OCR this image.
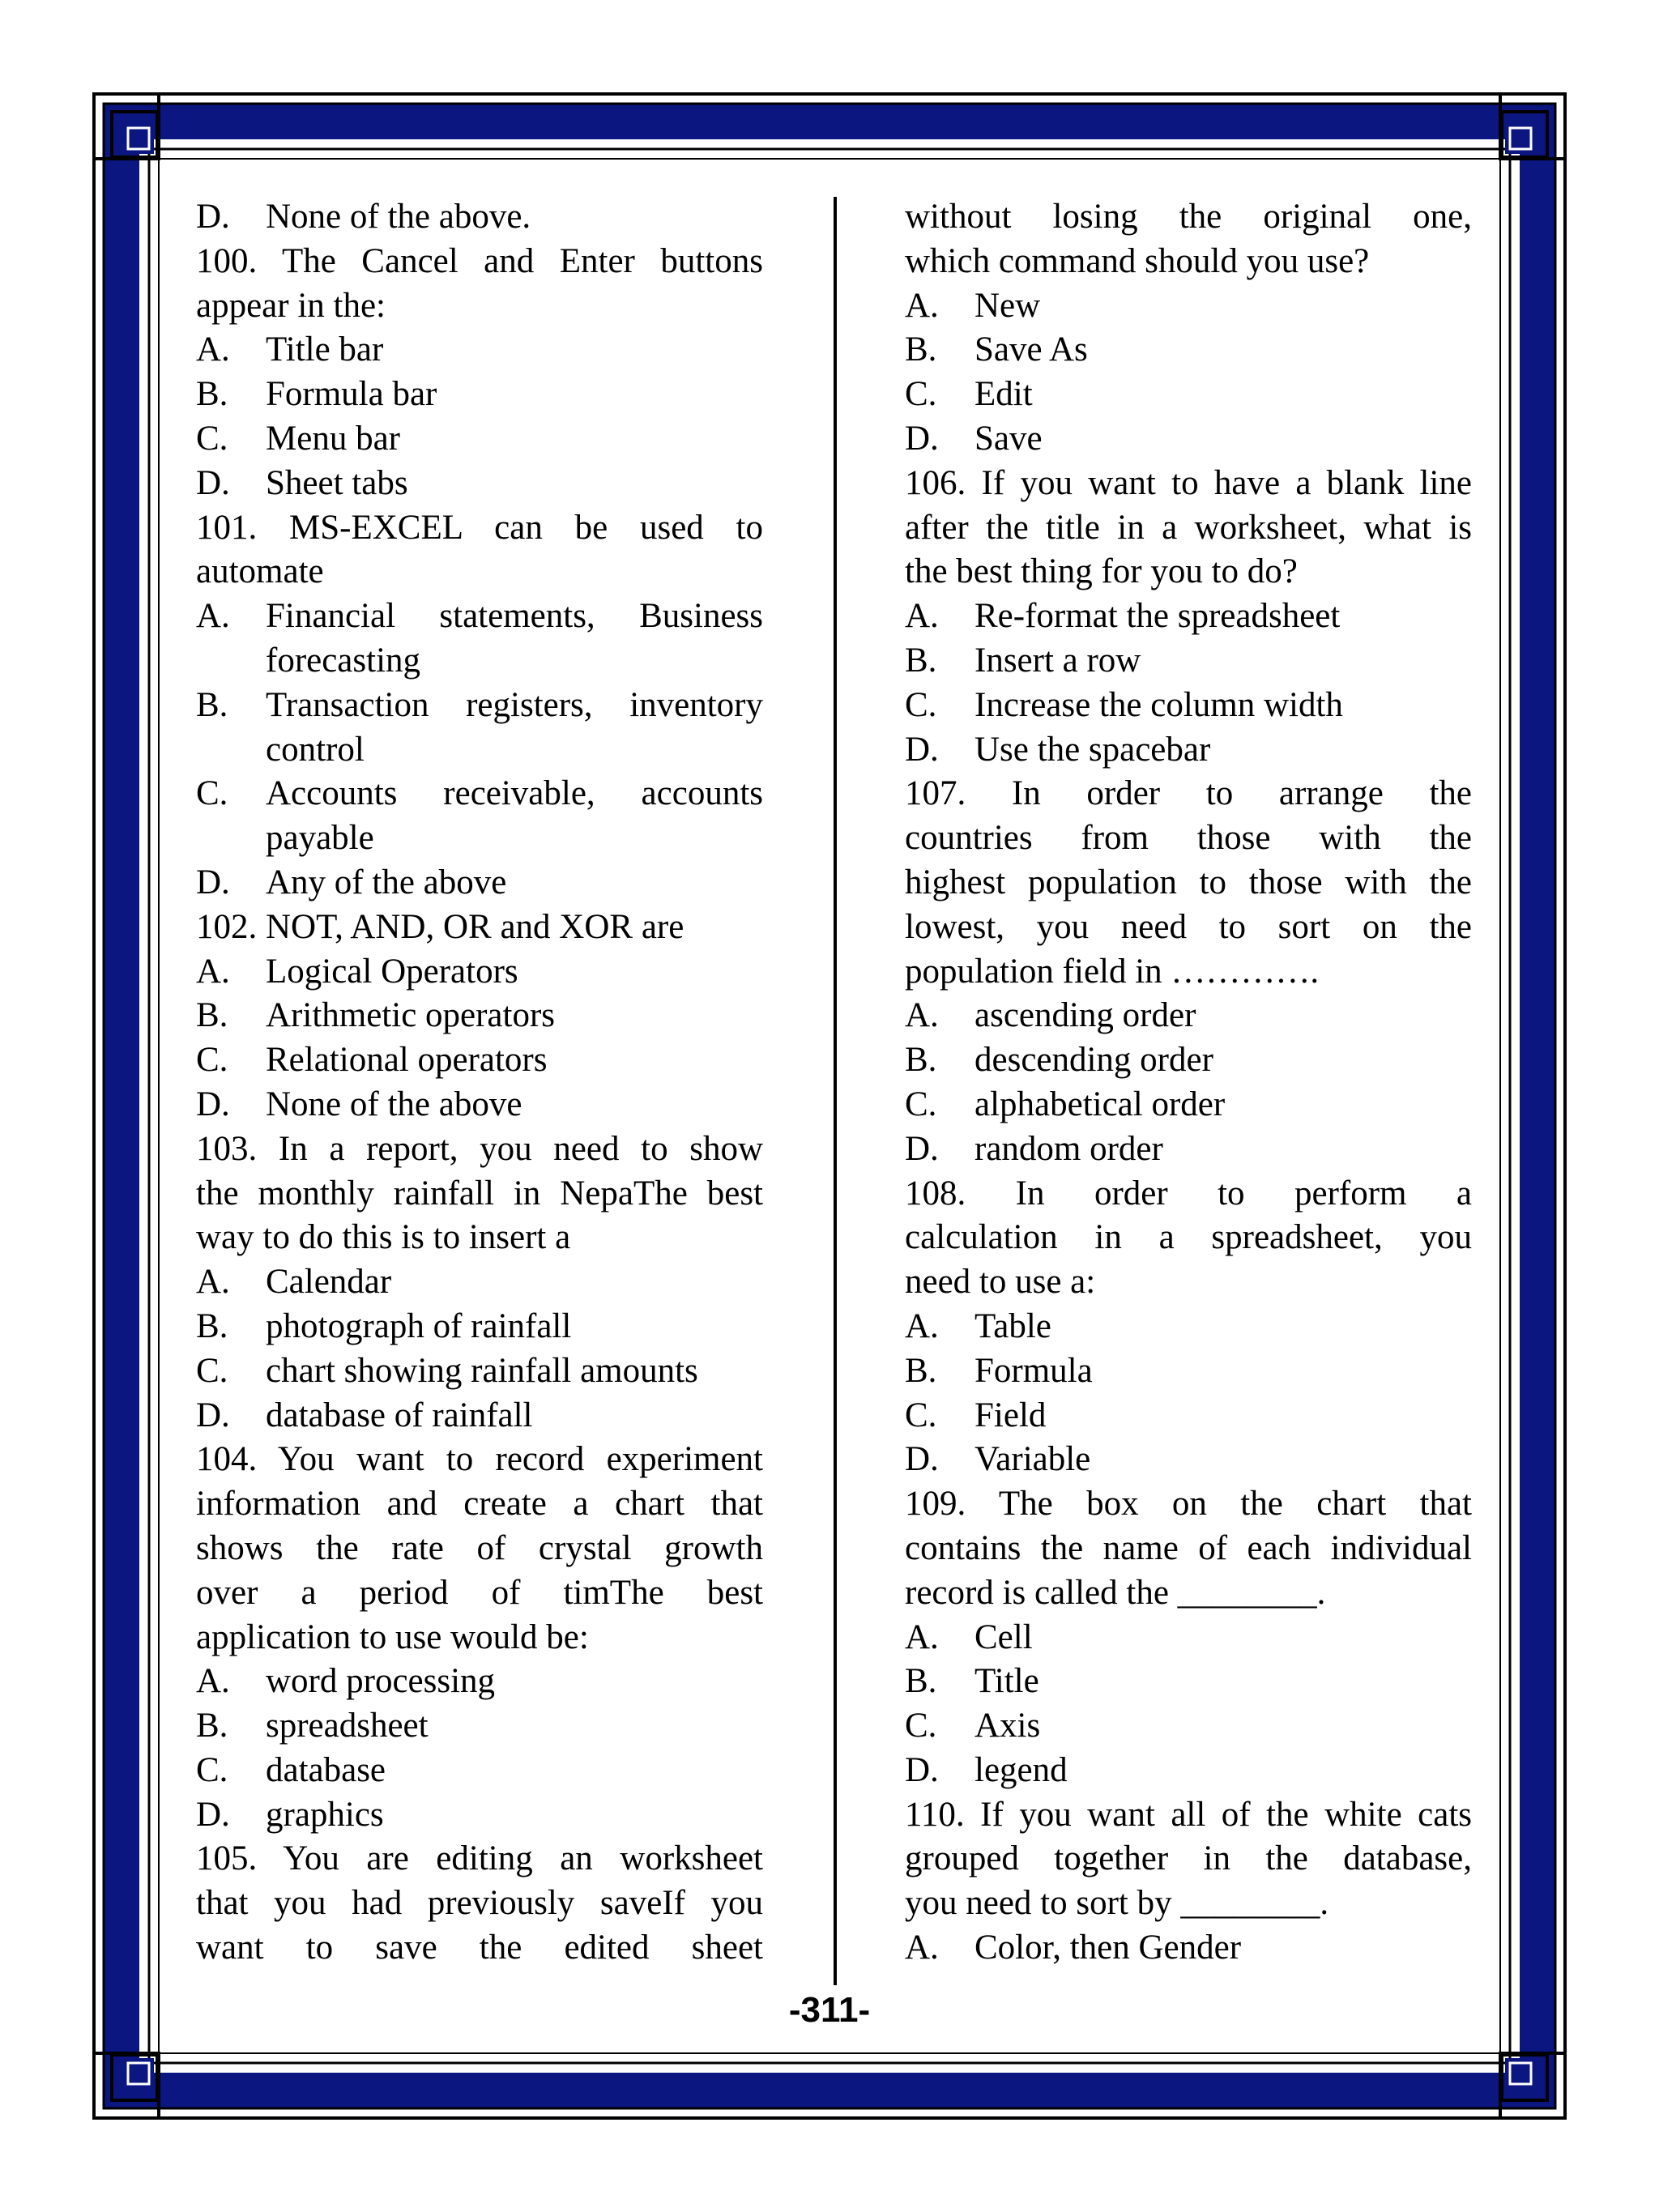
D.	None of the above.
100. The Cancel and Enter buttons
appear in the:
A.	Title bar
B.	Formula bar
C.	Menu bar
D.	Sheet tabs
101. MS-EXCEL can be used to
automate
A.	Financial statements, Business
forecasting
B.	Transaction registers, inventory
control
C.	Accounts receivable, accounts
payable
D.	Any of the above
102. NOT, AND, OR and XOR are
A.	Logical Operators
B.	Arithmetic operators
C.	Relational operators
D.	None of the above
103. In a report, you need to show
the monthly rainfall in NepaThe best
way to do this is to insert a
A.	Calendar
B.	photograph of rainfall
C.	chart showing rainfall amounts
D.	database of rainfall
104. You want to record experiment
information and create a chart that
shows the rate of crystal growth
over a period of timThe best
application to use would be:
A.	word processing
B.	spreadsheet
C.	database
D.	graphics
105. You are editing an worksheet
that you had previously saveIf you
want to save the edited sheet
without losing the original one,
which command should you use?
A.	New
B.	Save As
C.	Edit
D.	Save
106. If you want to have a blank line
after the title in a worksheet, what is
the best thing for you to do?
A.	Re-format the spreadsheet
B.	Insert a row
C.	Increase the column width
D.	Use the spacebar
107. In order to arrange the
countries from those with the
highest population to those with the
lowest, you need to sort on the
population field in ………….
A.	ascending order
B.	descending order
C.	alphabetical order
D.	random order
108. In order to perform a
calculation in a spreadsheet, you
need to use a:
A.	Table
B.	Formula
C.	Field
D.	Variable
109. The box on the chart that
contains the name of each individual
record is called the ________.
A.	Cell
B.	Title
C.	Axis
D.	legend
110. If you want all of the white cats
grouped together in the database,
you need to sort by ________.
A.	Color, then Gender
-311-
